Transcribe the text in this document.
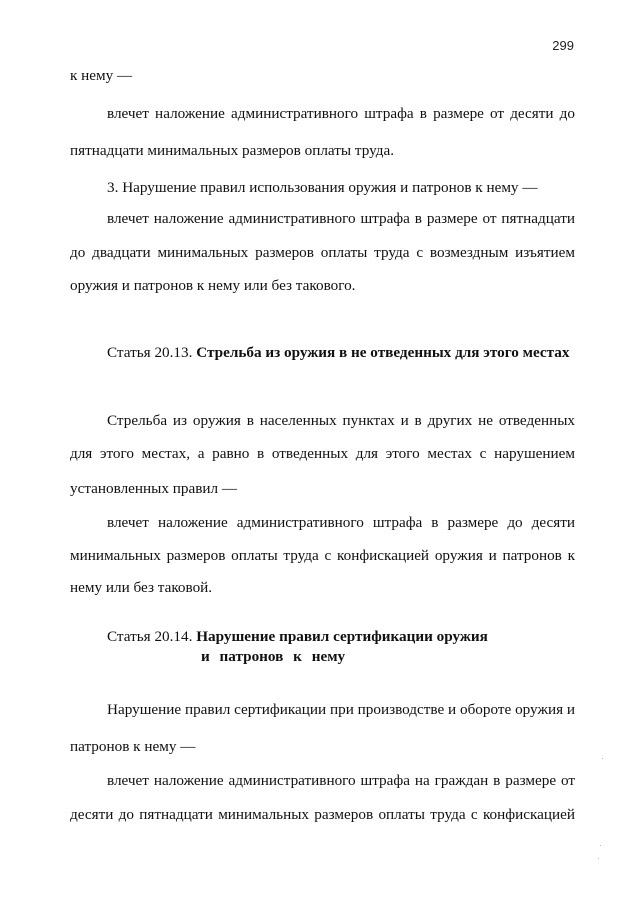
299
к нему —
влечет наложение административного штрафа в размере от десяти до
пятнадцати минимальных размеров оплаты труда.
3. Нарушение правил использования оружия и патронов к нему —
влечет наложение административного штрафа в размере от пятнадцати
до двадцати минимальных размеров оплаты труда с возмездным изъятием
оружия и патронов к нему или без такового.
Статья 20.13. Стрельба из оружия в не отведенных для этого местах
Стрельба из оружия в населенных пунктах и в других не отведенных
для этого местах, а равно в отведенных для этого местах с нарушением
установленных правил —
влечет наложение административного штрафа в размере до десяти
минимальных размеров оплаты труда с конфискацией оружия и патронов к
нему или без таковой.
Статья 20.14. Нарушение правил сертификации оружия
и патронов к нему
Нарушение правил сертификации при производстве и обороте оружия и
патронов к нему —
влечет наложение административного штрафа на граждан в размере от
десяти до пятнадцати минимальных размеров оплаты труда с конфискацией
